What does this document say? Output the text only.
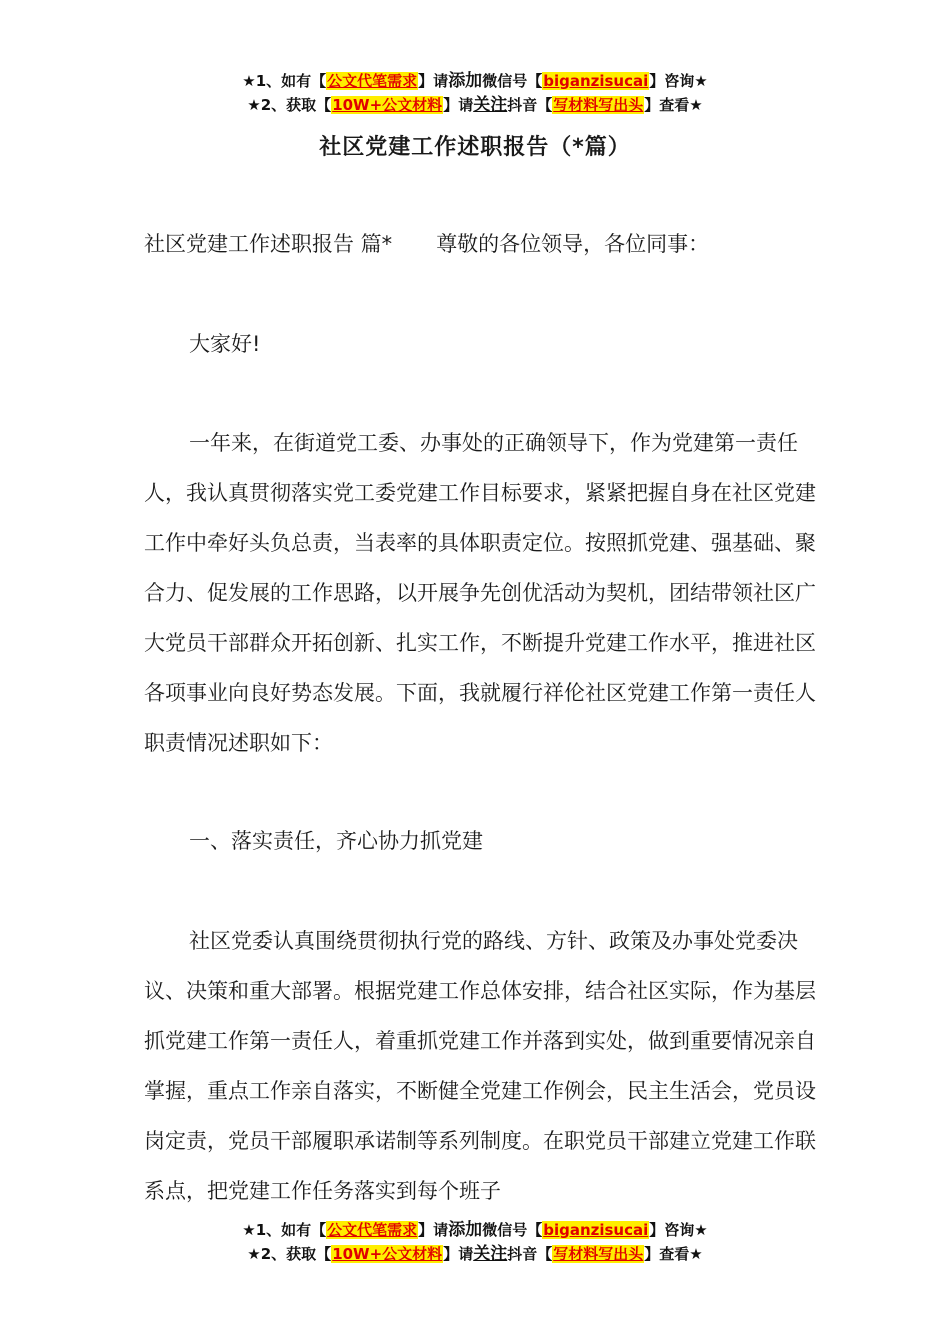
★1、如有【公文代笔需求】请添加微信号【biganzisucai】咨询★
★2、获取【10W+公文材料】请关注抖音【写材料写出头】查看★
社区党建工作述职报告（*篇）
社区党建工作述职报告 篇* 尊敬的各位领导，各位同事：
大家好!
一年来，在街道党工委、办事处的正确领导下，作为党建第一责任人，我认真贯彻落实党工委党建工作目标要求，紧紧把握自身在社区党建工作中牵好头负总责，当表率的具体职责定位。按照抓党建、强基础、聚合力、促发展的工作思路，以开展争先创优活动为契机，团结带领社区广大党员干部群众开拓创新、扎实工作，不断提升党建工作水平，推进社区各项事业向良好势态发展。下面，我就履行祥伦社区党建工作第一责任人职责情况述职如下：
一、落实责任，齐心协力抓党建
社区党委认真围绕贯彻执行党的路线、方针、政策及办事处党委决议、决策和重大部署。根据党建工作总体安排，结合社区实际，作为基层抓党建工作第一责任人，着重抓党建工作并落到实处，做到重要情况亲自掌握，重点工作亲自落实，不断健全党建工作例会，民主生活会，党员设岗定责，党员干部履职承诺制等系列制度。在职党员干部建立党建工作联系点，把党建工作任务落实到每个班子
★1、如有【公文代笔需求】请添加微信号【biganzisucai】咨询★
★2、获取【10W+公文材料】请关注抖音【写材料写出头】查看★
